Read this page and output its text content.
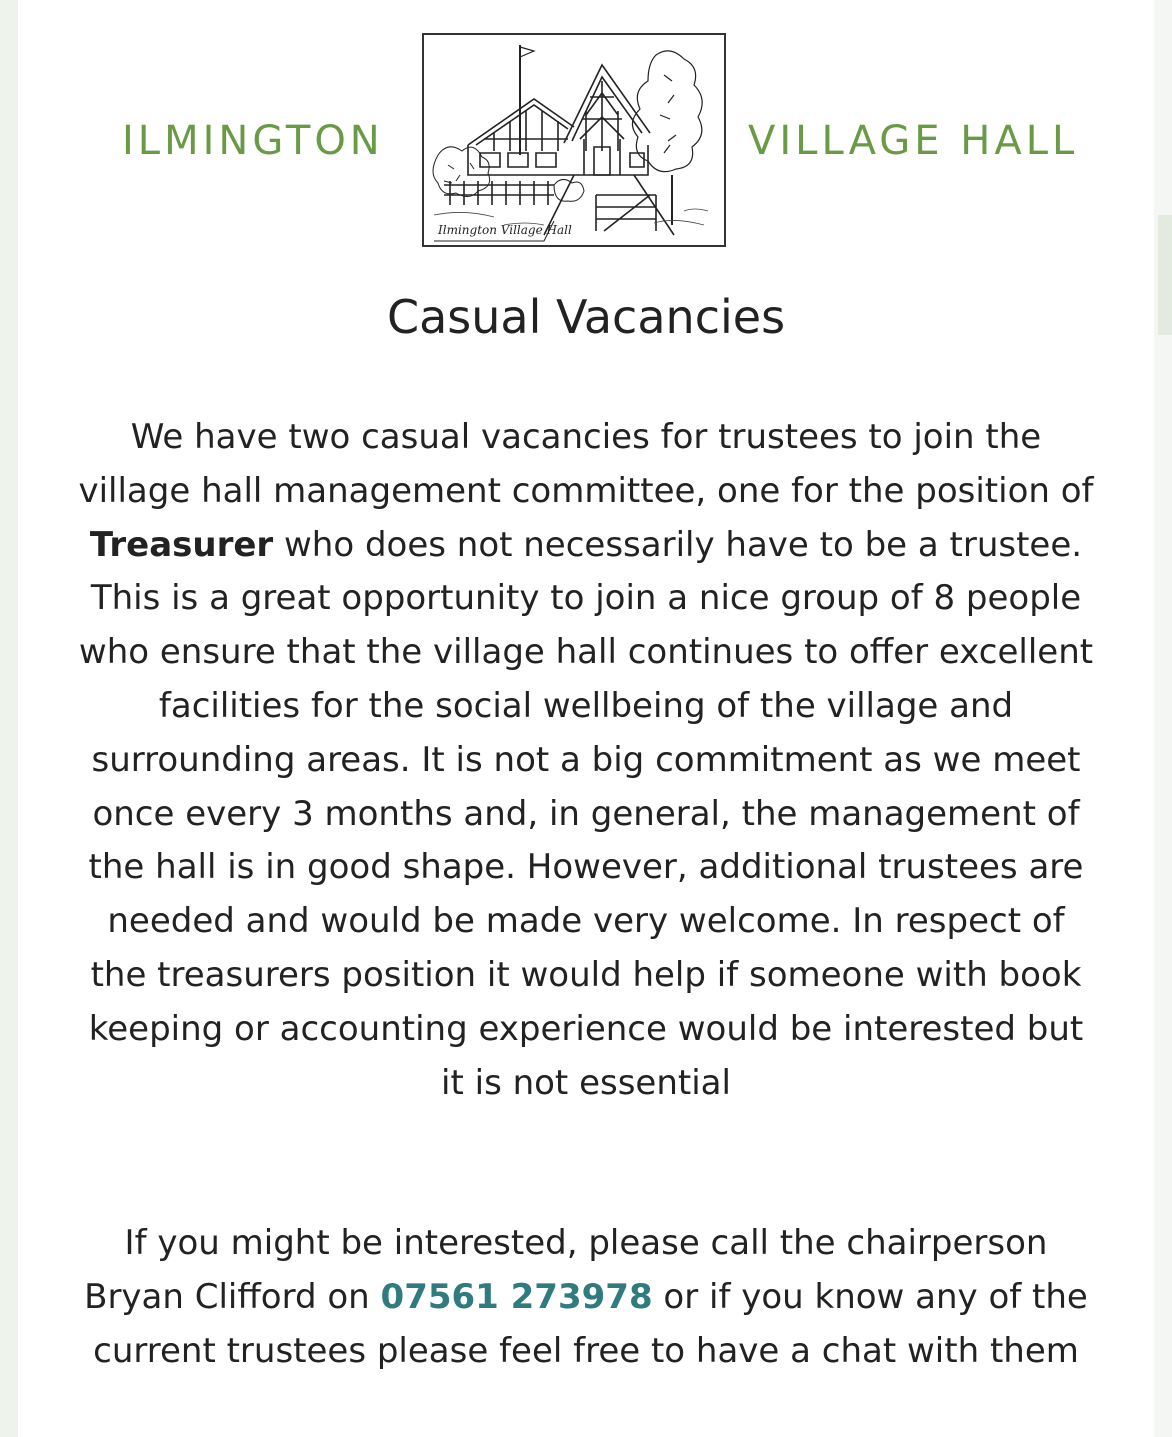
ILMINGTON
Ilmington Village Hall
VILLAGE HALL
Casual Vacancies

We have two casual vacancies for trustees to join the village hall management committee, one for the position of Treasurer who does not necessarily have to be a trustee. This is a great opportunity to join a nice group of 8 people who ensure that the village hall continues to offer excellent facilities for the social wellbeing of the village and surrounding areas. It is not a big commitment as we meet once every 3 months and, in general, the management of the hall is in good shape. However, additional trustees are needed and would be made very welcome. In respect of the treasurers position it would help if someone with book keeping or accounting experience would be interested but it is not essential

If you might be interested, please call the chairperson Bryan Clifford on 07561 273978 or if you know any of the current trustees please feel free to have a chat with them
